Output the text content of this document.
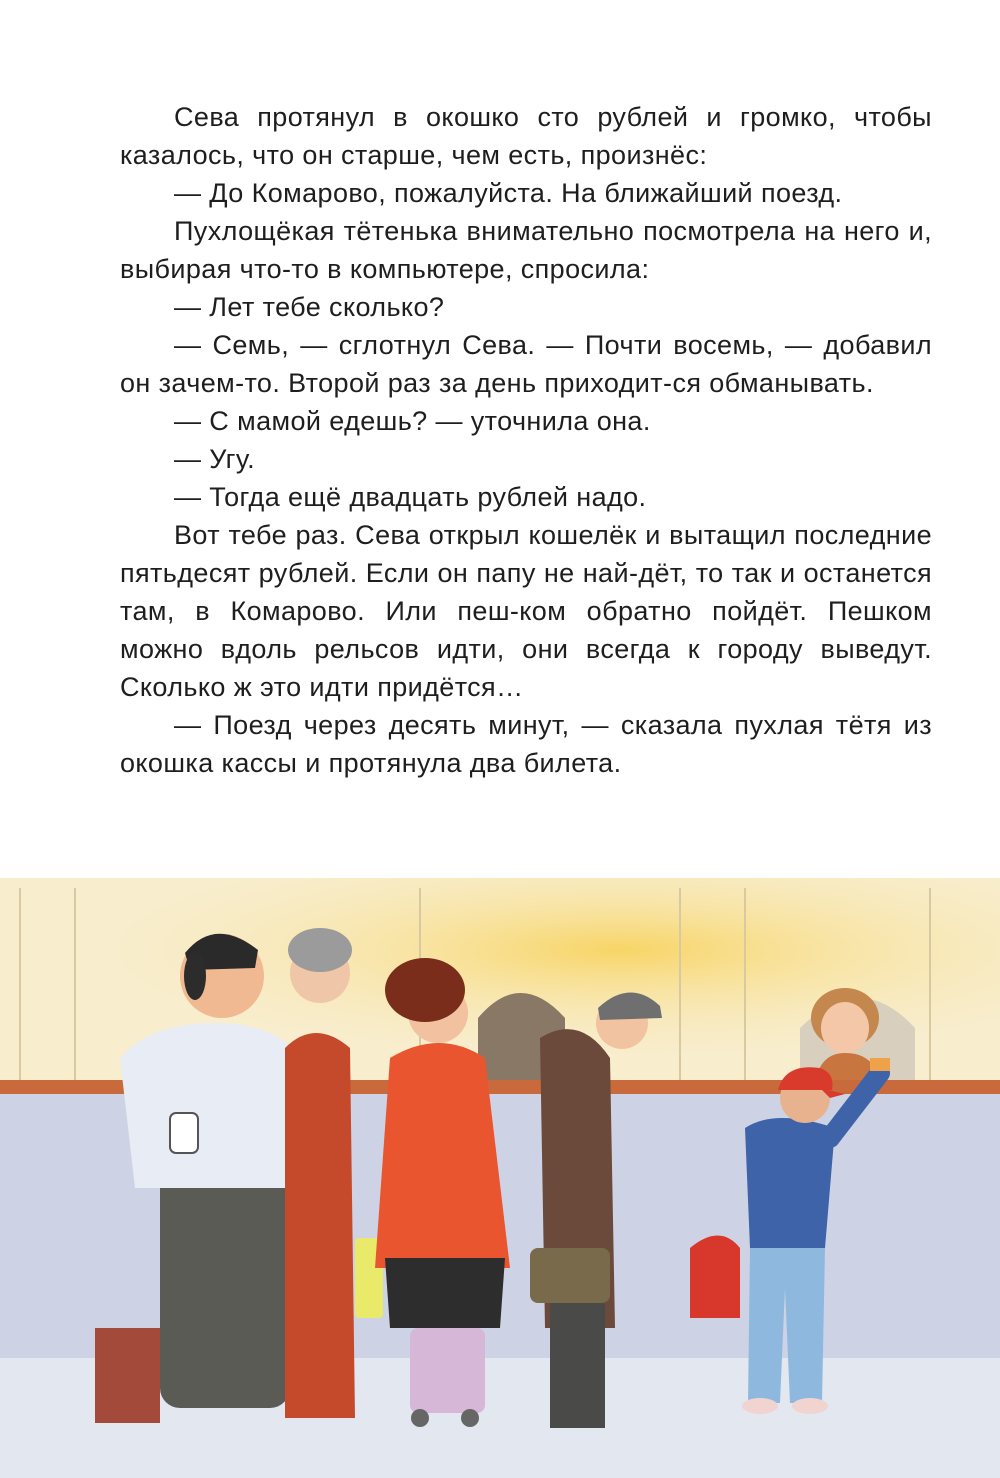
Сева протянул в окошко сто рублей и громко, чтобы казалось, что он старше, чем есть, произнёс:

— До Комарово, пожалуйста. На ближайший поезд.

Пухлощёкая тётенька внимательно посмотрела на него и, выбирая что-то в компьютере, спросила:

— Лет тебе сколько?

— Семь, — сглотнул Сева. — Почти восемь, — добавил он зачем-то. Второй раз за день приходит-ся обманывать.

— С мамой едешь? — уточнила она.

— Угу.

— Тогда ещё двадцать рублей надо.

Вот тебе раз. Сева открыл кошелёк и вытащил последние пятьдесят рублей. Если он папу не най-дёт, то так и останется там, в Комарово. Или пеш-ком обратно пойдёт. Пешком можно вдоль рельсов идти, они всегда к городу выведут. Сколько ж это идти придётся…

— Поезд через десять минут, — сказала пухлая тётя из окошка кассы и протянула два билета.
